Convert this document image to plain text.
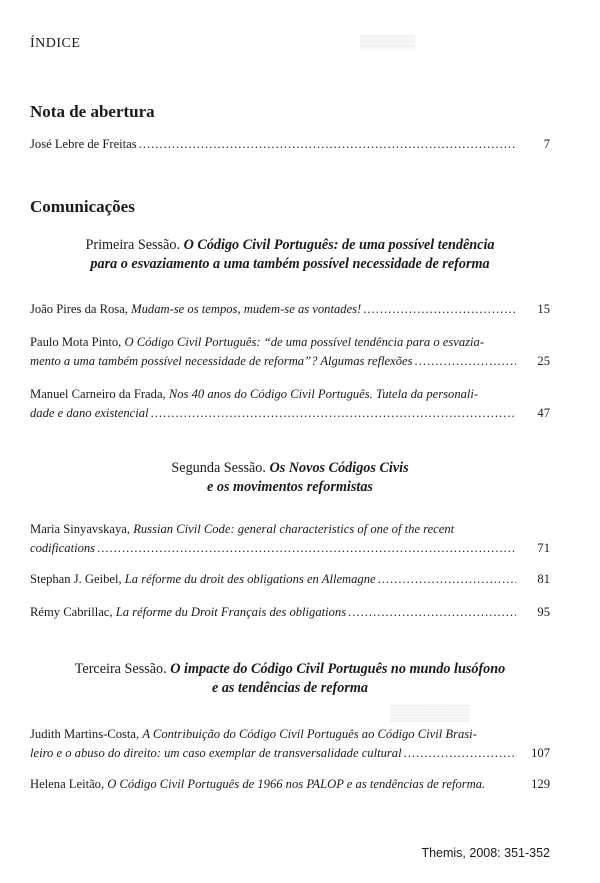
▒▒▒▒▒▒
▒▒▒▒▒▒▒
ÍNDICE
Nota de abertura
José Lebre de Freitas .....	7
Comunicações
Primeira Sessão. O Código Civil Português: de uma possível tendência
para o esvaziamento a uma também possível necessidade de reforma
João Pires da Rosa, Mudam-se os tempos, mudem-se as vontades! .....	15
Paulo Mota Pinto, O Código Civil Português: “de uma possível tendência para o esvazia-
mento a uma também possível necessidade de reforma”? Algumas reflexões .....	25
Manuel Carneiro da Frada, Nos 40 anos do Código Civil Português. Tutela da personali-
dade e dano existencial .....	47
Segunda Sessão. Os Novos Códigos Civis
e os movimentos reformistas
Maria Sinyavskaya, Russian Civil Code: general characteristics of one of the recent
codifications .....	71
Stephan J. Geibel, La réforme du droit des obligations en Allemagne .....	81
Rémy Cabrillac, La réforme du Droit Français des obligations .....	95
Terceira Sessão. O impacte do Código Civil Português no mundo lusófono
e as tendências de reforma
Judith Martins-Costa, A Contribuição do Código Civil Português ao Código Civil Brasi-
leiro e o abuso do direito: um caso exemplar de transversalidade cultural .....	107
Helena Leitão, O Código Civil Português de 1966 nos PALOP e as tendências de reforma.	129
Themis, 2008: 351-352
